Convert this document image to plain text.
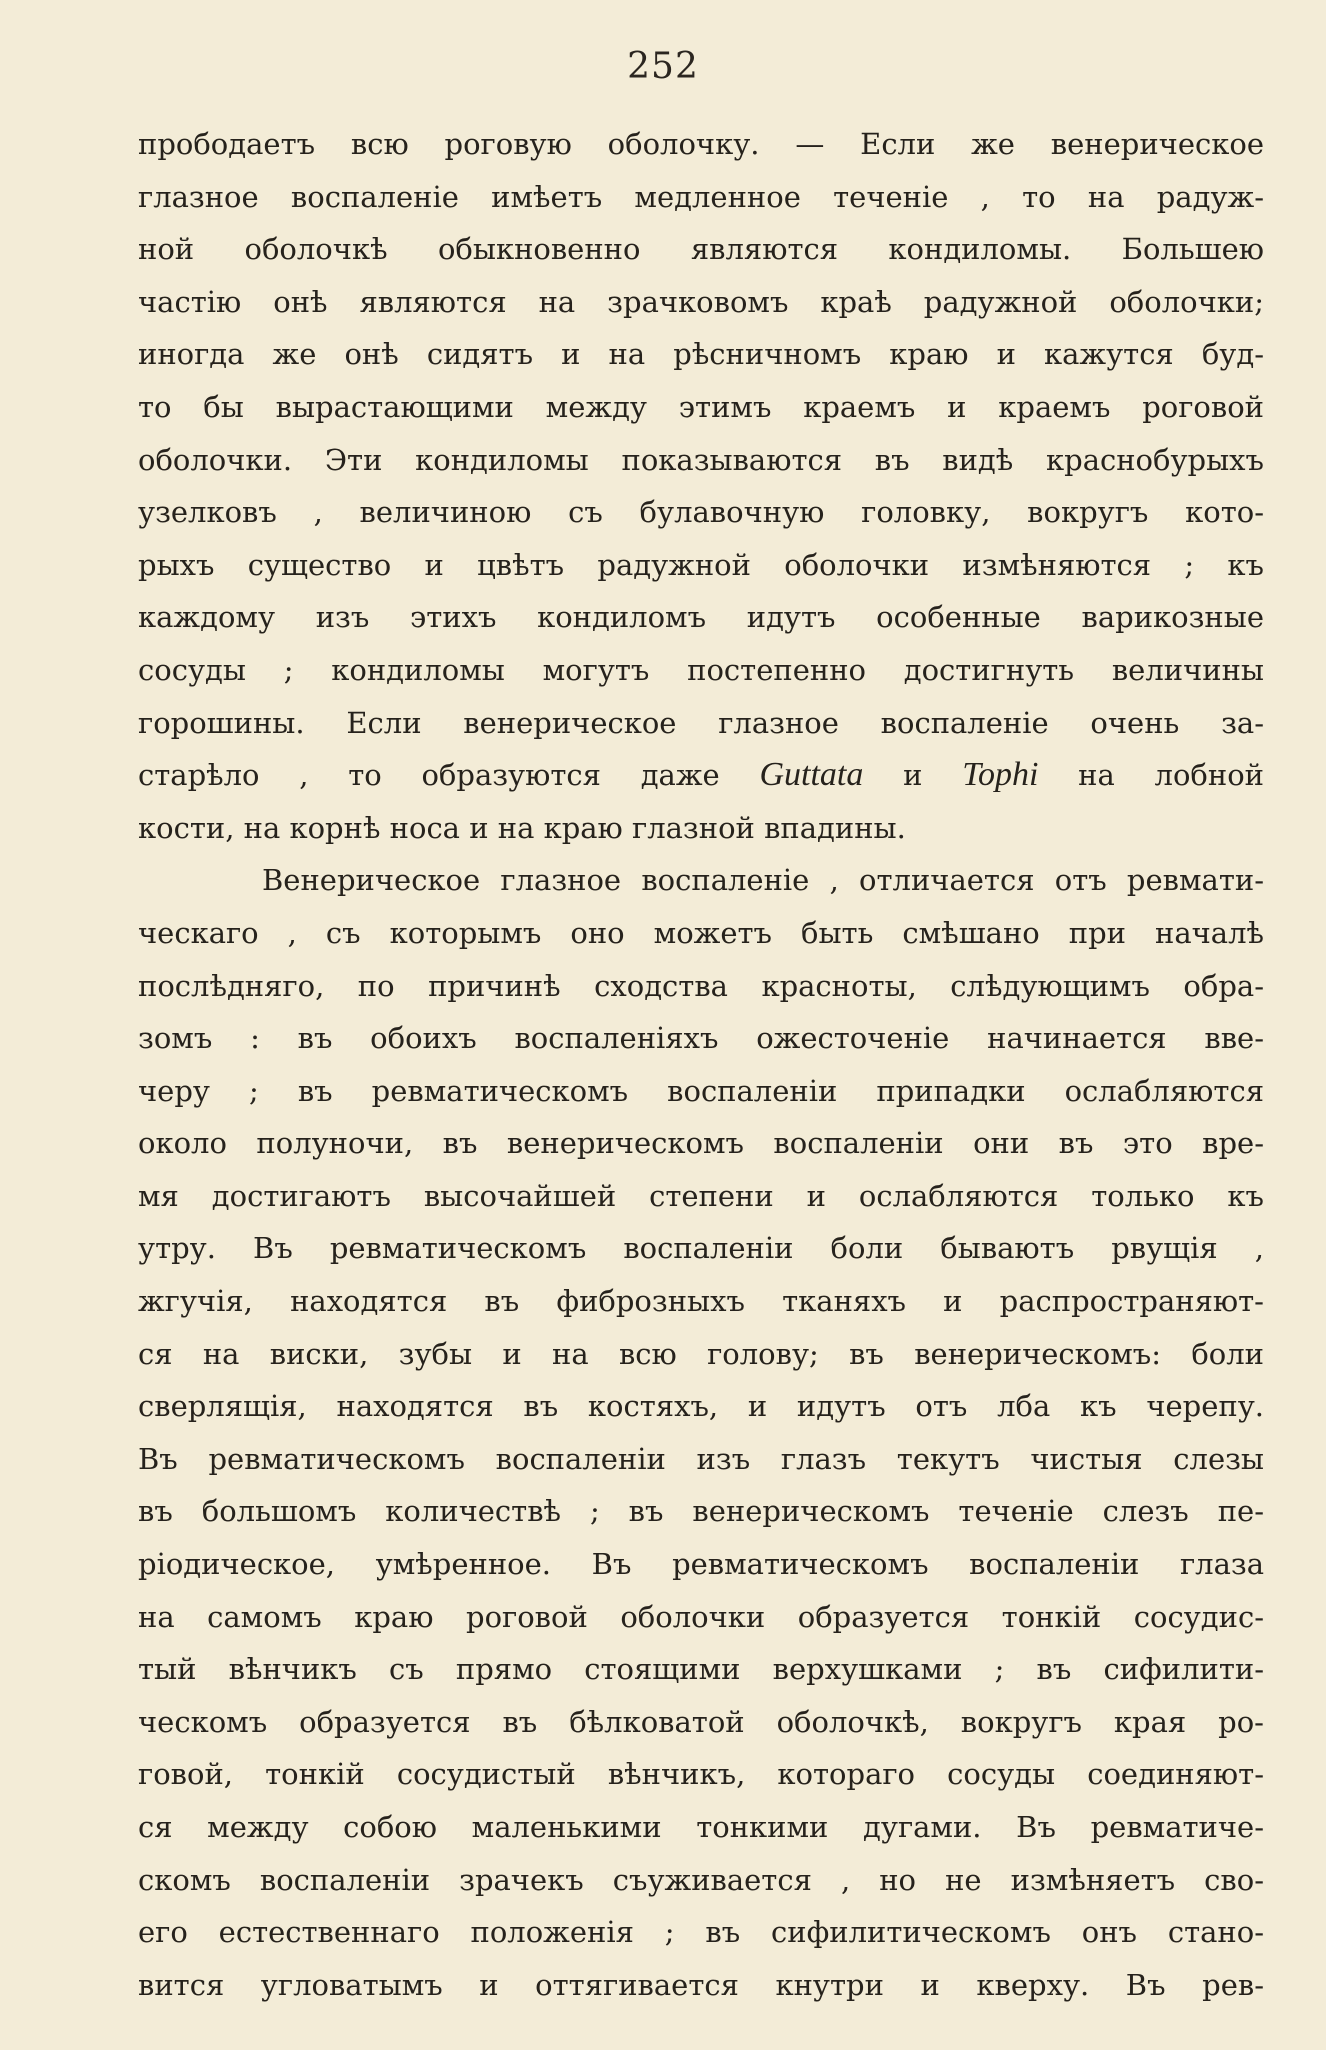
252
прободаетъ всю роговую оболочку. — Если же венерическое
глазное воспаленіе имѣетъ медленное теченіе , то на радуж-
ной оболочкѣ обыкновенно являются кондиломы. Большею
частію онѣ являются на зрачковомъ краѣ радужной оболочки;
иногда же онѣ сидятъ и на рѣсничномъ краю и кажутся буд-
то бы вырастающими между этимъ краемъ и краемъ роговой
оболочки. Эти кондиломы показываются въ видѣ краснобурыхъ
узелковъ , величиною съ булавочную головку, вокругъ кото-
рыхъ существо и цвѣтъ радужной оболочки измѣняются ; къ
каждому изъ этихъ кондиломъ идутъ особенные варикозные
сосуды ; кондиломы могутъ постепенно достигнуть величины
горошины. Если венерическое глазное воспаленіе очень за-
старѣло , то образуются даже Guttata и Tophi на лобной
кости, на корнѣ носа и на краю глазной впадины.
Венерическое глазное воспаленіе , отличается отъ ревмати-
ческаго , съ которымъ оно можетъ быть смѣшано при началѣ
послѣдняго, по причинѣ сходства красноты, слѣдующимъ обра-
зомъ : въ обоихъ воспаленіяхъ ожесточеніе начинается ввe-
черу ; въ ревматическомъ воспаленіи припадки ослабляются
около полуночи, въ венерическомъ воспаленіи они въ это вре-
мя достигаютъ высочайшей степени и ослабляются только къ
утру. Въ ревматическомъ воспаленіи боли бываютъ рвущія ,
жгучія, находятся въ фиброзныхъ тканяхъ и распространяют-
ся на виски, зубы и на всю голову; въ венерическомъ: боли
сверлящія, находятся въ костяхъ, и идутъ отъ лба къ черепу.
Въ ревматическомъ воспаленіи изъ глазъ текутъ чистыя слезы
въ большомъ количествѣ ; въ венерическомъ теченіе слезъ пе-
ріодическое, умѣренное. Въ ревматическомъ воспаленіи глаза
на самомъ краю роговой оболочки образуется тонкій сосудис-
тый вѣнчикъ съ прямо стоящими верхушками ; въ сифилити-
ческомъ образуется въ бѣлковатой оболочкѣ, вокругъ края ро-
говой, тонкій сосудистый вѣнчикъ, котораго сосуды соединяют-
ся между собою маленькими тонкими дугами. Въ ревматиче-
скомъ воспаленіи зрачекъ съуживается , но не измѣняетъ сво-
его естественнаго положенія ; въ сифилитическомъ онъ стано-
вится угловатымъ и оттягивается кнутри и кверху. Въ рев-
